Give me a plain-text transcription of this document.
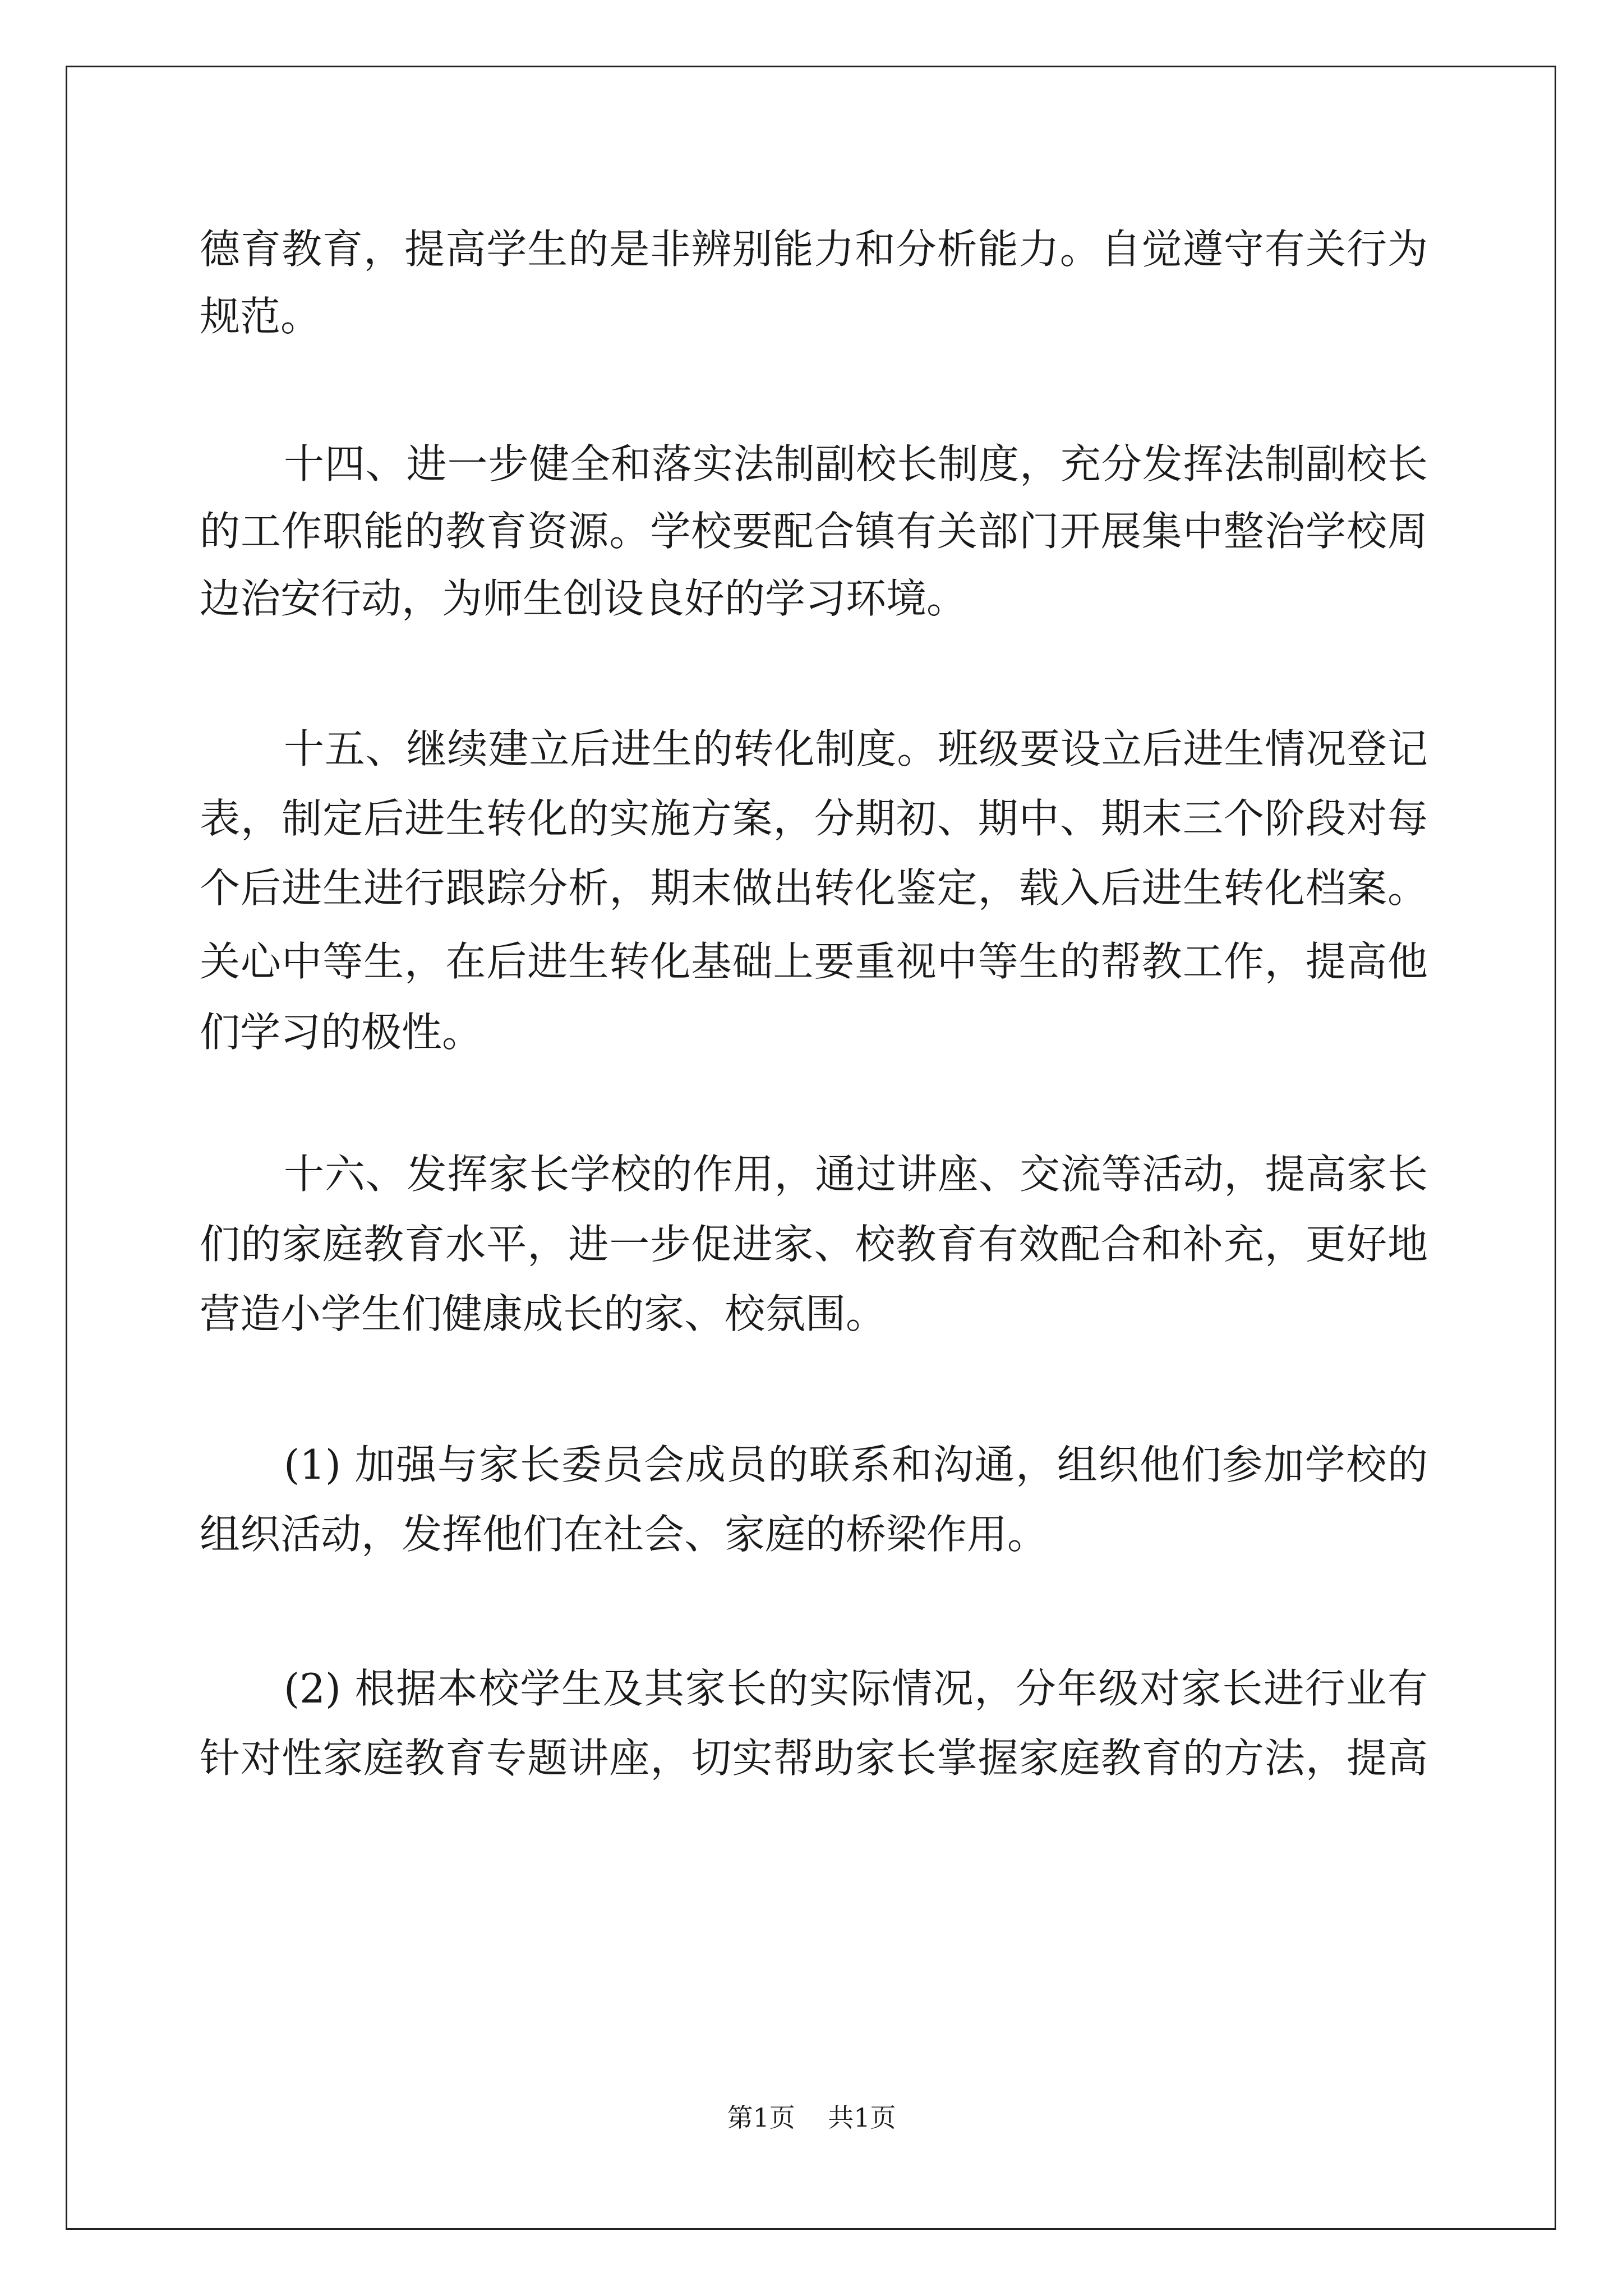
德育教育，提高学生的是非辨别能力和分析能力。自觉遵守有关行为

规范。

十四、进一步健全和落实法制副校长制度，充分发挥法制副校长

的工作职能的教育资源。学校要配合镇有关部门开展集中整治学校周

边治安行动，为师生创设良好的学习环境。

十五、继续建立后进生的转化制度。班级要设立后进生情况登记

表，制定后进生转化的实施方案，分期初、期中、期末三个阶段对每

个后进生进行跟踪分析，期末做出转化鉴定，载入后进生转化档案。

关心中等生，在后进生转化基础上要重视中等生的帮教工作，提高他

们学习的极性。

十六、发挥家长学校的作用，通过讲座、交流等活动，提高家长

们的家庭教育水平，进一步促进家、校教育有效配合和补充，更好地

营造小学生们健康成长的家、校氛围。

(1) 加强与家长委员会成员的联系和沟通，组织他们参加学校的

组织活动，发挥他们在社会、家庭的桥梁作用。

(2) 根据本校学生及其家长的实际情况，分年级对家长进行业有

针对性家庭教育专题讲座，切实帮助家长掌握家庭教育的方法，提高

第1页    共1页
